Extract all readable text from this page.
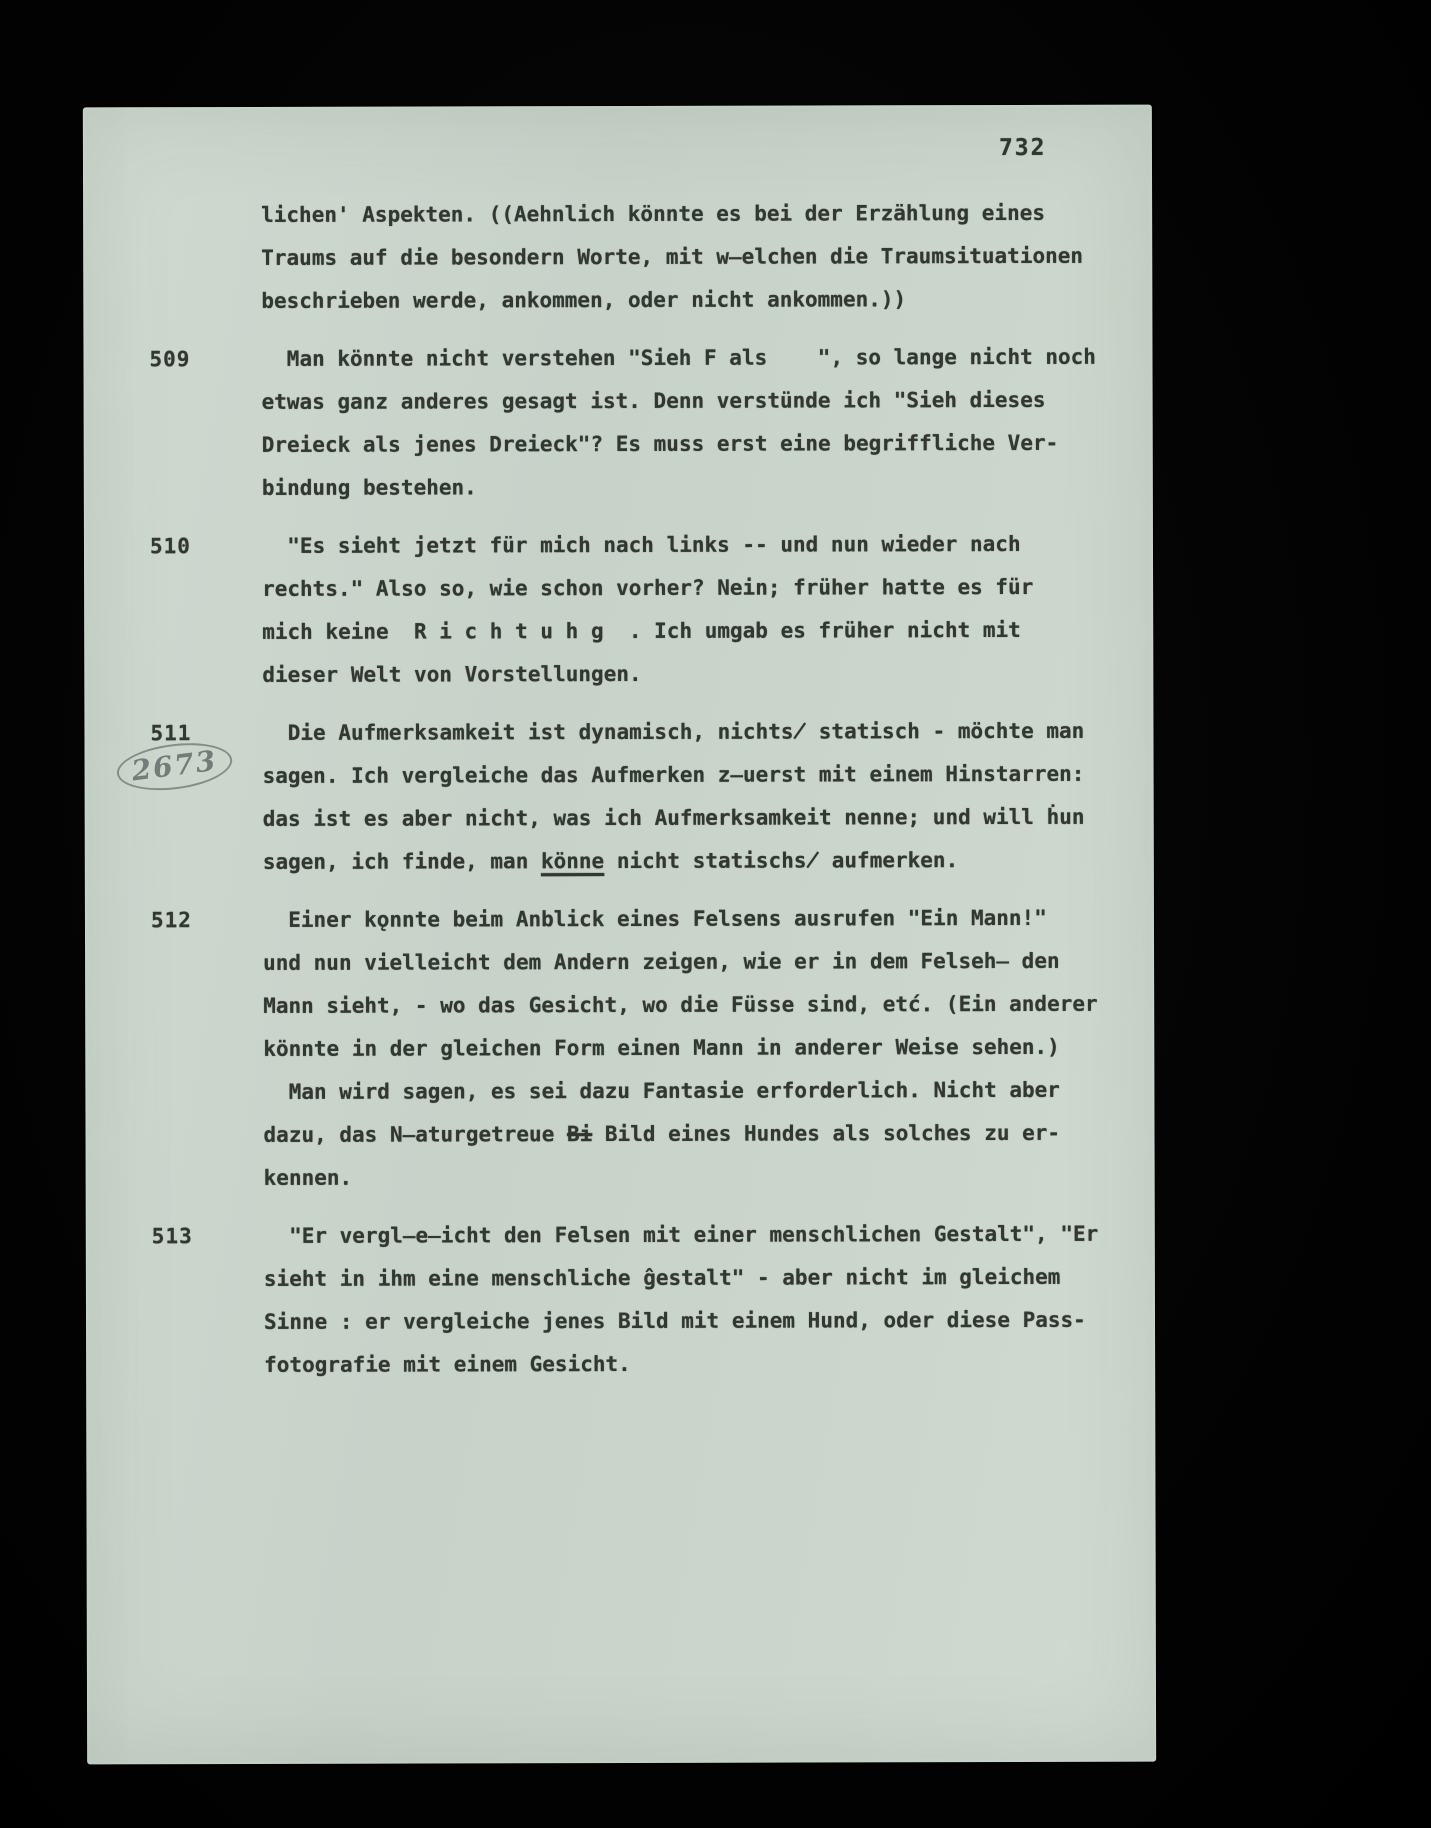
732
lichen' Aspekten. ((Aehnlich könnte es bei der Erzählung eines
Traums auf die besondern Worte, mit w̶elchen die Traumsituationen
beschrieben werde, ankommen, oder nicht ankommen.))
509	Man könnte nicht verstehen "Sieh F als    ", so lange nicht noch
etwas ganz anderes gesagt ist. Denn verstünde ich "Sieh dieses
Dreieck als jenes Dreieck"? Es muss erst eine begriffliche Ver-
bindung bestehen.
510	"Es sieht jetzt für mich nach links -- und nun wieder nach
rechts." Also so, wie schon vorher? Nein; früher hatte es für
mich keine  R i c h t u h g  . Ich umgab es früher nicht mit
dieser Welt von Vorstellungen.
511
2673
Die Aufmerksamkeit ist dynamisch, nichts̸ statisch - möchte man
sagen. Ich vergleiche das Aufmerken z̶uerst mit einem Hinstarren:
das ist es aber nicht, was ich Aufmerksamkeit nenne; und will ḣun
sagen, ich finde, man könne nicht statischs̸ aufmerken.
512	Einer kǫnnte beim Anblick eines Felsens ausrufen "Ein Mann!"
und nun vielleicht dem Andern zeigen, wie er in dem Felseh̶ den
Mann sieht, - wo das Gesicht, wo die Füsse sind, etć. (Ein anderer
könnte in der gleichen Form einen Mann in anderer Weise sehen.)
Man wird sagen, es sei dazu Fantasie erforderlich. Nicht aber
dazu, das N̶aturgetreue Bi Bild eines Hundes als solches zu er-
kennen.
513	"Er vergl̶e̶icht den Felsen mit einer menschlichen Gestalt", "Er
sieht in ihm eine menschliche ĝestalt" - aber nicht im gleichem
Sinne : er vergleiche jenes Bild mit einem Hund, oder diese Pass-
fotografie mit einem Gesicht.
